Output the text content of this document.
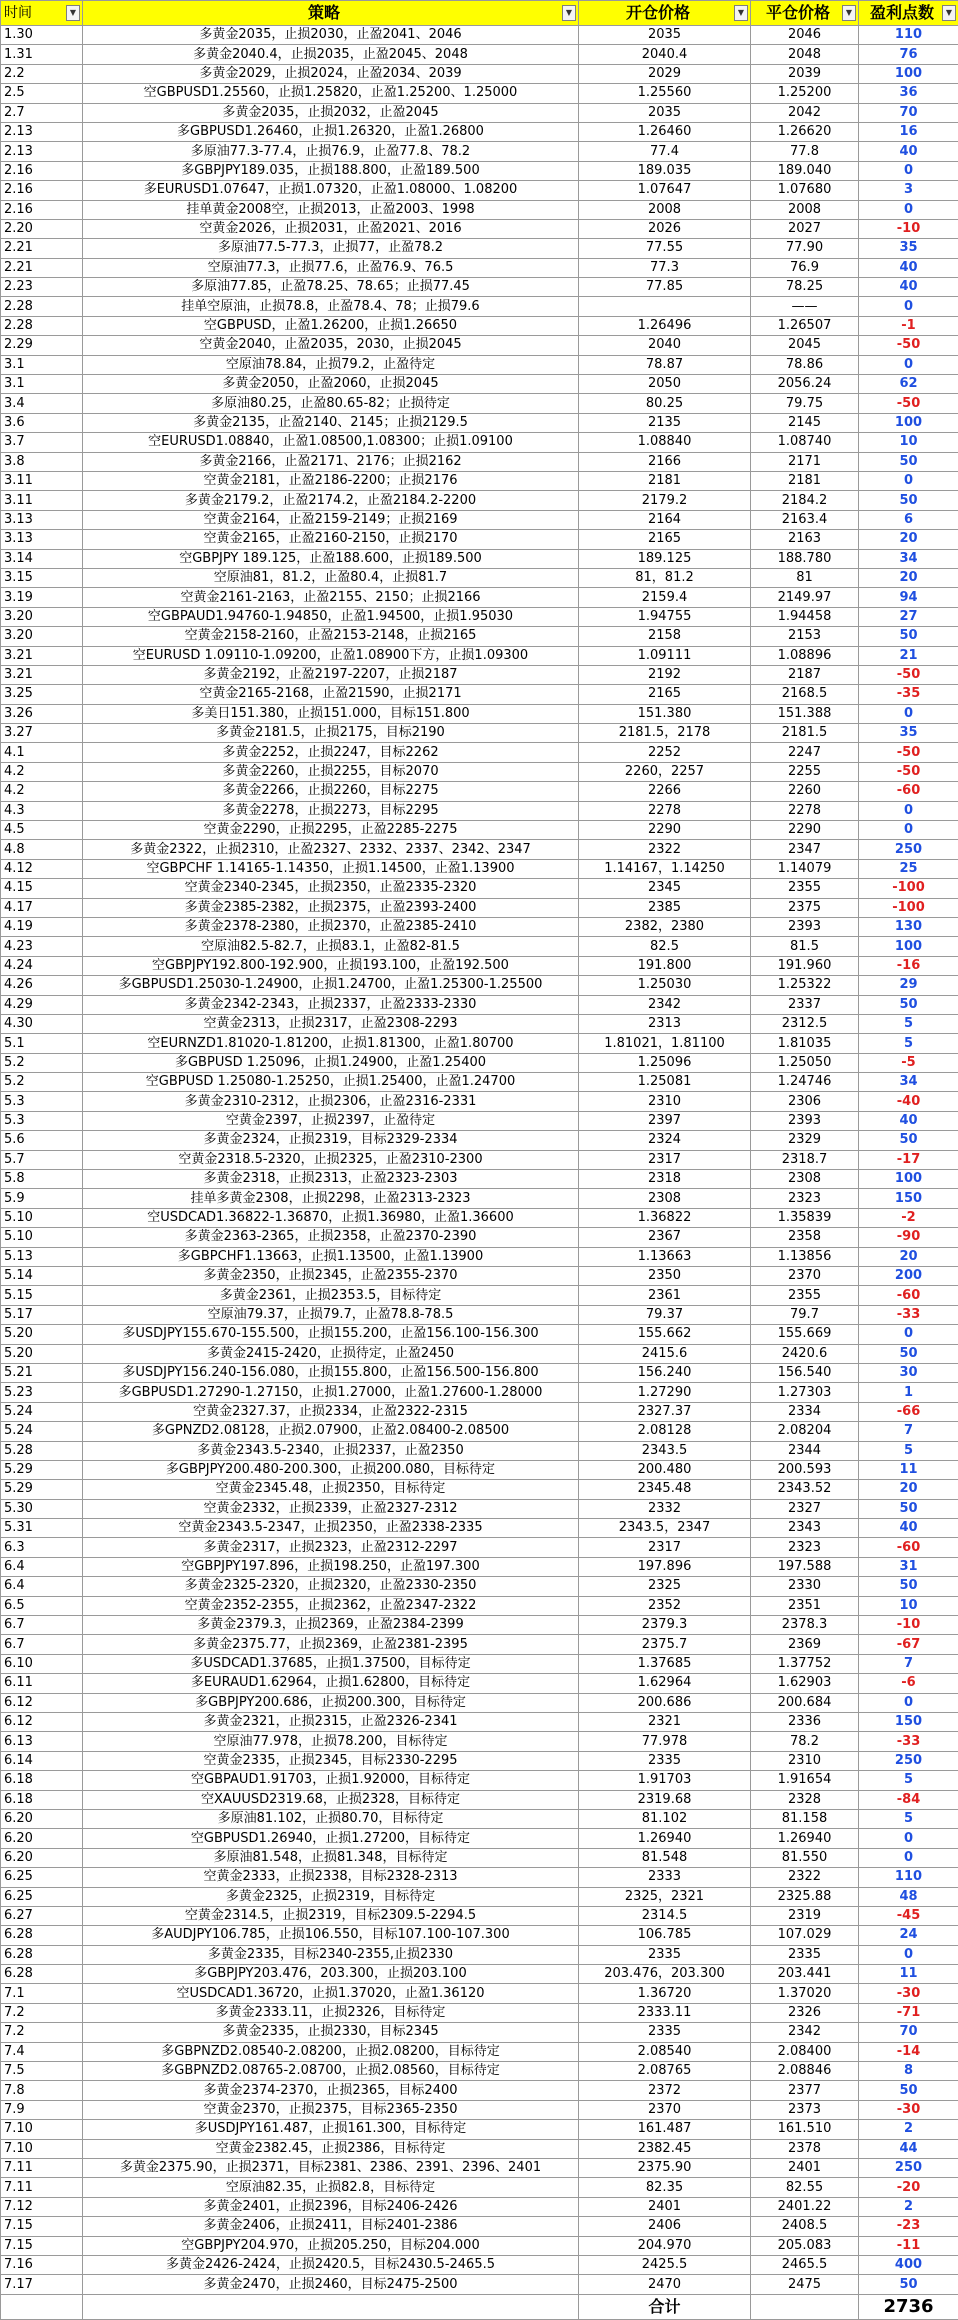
时间 ▼	策略 ▼	开仓价格 ▼	平仓价格 ▼	盈利点数 ▼

1.30	多黄金2035，止损2030，止盈2041、2046	2035	2046	110
1.31	多黄金2040.4，止损2035，止盈2045、2048	2040.4	2048	76
2.2	多黄金2029，止损2024，止盈2034、2039	2029	2039	100
2.5	空GBPUSD1.25560，止损1.25820，止盈1.25200、1.25000	1.25560	1.25200	36
2.7	多黄金2035，止损2032，止盈2045	2035	2042	70
2.13	多GBPUSD1.26460，止损1.26320，止盈1.26800	1.26460	1.26620	16
2.13	多原油77.3-77.4，止损76.9，止盈77.8、78.2	77.4	77.8	40
2.16	多GBPJPY189.035，止损188.800，止盈189.500	189.035	189.040	0
2.16	多EURUSD1.07647，止损1.07320，止盈1.08000、1.08200	1.07647	1.07680	3
2.16	挂单黄金2008空，止损2013，止盈2003、1998	2008	2008	0
2.20	空黄金2026，止损2031，止盈2021、2016	2026	2027	-10
2.21	多原油77.5-77.3，止损77，止盈78.2	77.55	77.90	35
2.21	空原油77.3，止损77.6，止盈76.9、76.5	77.3	76.9	40
2.23	多原油77.85，止盈78.25、78.65；止损77.45	77.85	78.25	40
2.28	挂单空原油，止损78.8，止盈78.4、78；止损79.6		——	0
2.28	空GBPUSD，止盈1.26200，止损1.26650	1.26496	1.26507	-1
2.29	空黄金2040，止盈2035，2030，止损2045	2040	2045	-50
3.1	空原油78.84，止损79.2，止盈待定	78.87	78.86	0
3.1	多黄金2050，止盈2060，止损2045	2050	2056.24	62
3.4	多原油80.25，止盈80.65-82；止损待定	80.25	79.75	-50
3.6	多黄金2135，止盈2140、2145；止损2129.5	2135	2145	100
3.7	空EURUSD1.08840，止盈1.08500,1.08300；止损1.09100	1.08840	1.08740	10
3.8	多黄金2166，止盈2171、2176；止损2162	2166	2171	50
3.11	空黄金2181，止盈2186-2200；止损2176	2181	2181	0
3.11	多黄金2179.2，止盈2174.2，止盈2184.2-2200	2179.2	2184.2	50
3.13	空黄金2164，止盈2159-2149；止损2169	2164	2163.4	6
3.13	空黄金2165，止盈2160-2150，止损2170	2165	2163	20
3.14	空GBPJPY 189.125，止盈188.600，止损189.500	189.125	188.780	34
3.15	空原油81，81.2，止盈80.4，止损81.7	81，81.2	81	20
3.19	空黄金2161-2163，止盈2155、2150；止损2166	2159.4	2149.97	94
3.20	空GBPAUD1.94760-1.94850，止盈1.94500，止损1.95030	1.94755	1.94458	27
3.20	空黄金2158-2160，止盈2153-2148，止损2165	2158	2153	50
3.21	空EURUSD 1.09110-1.09200，止盈1.08900下方，止损1.09300	1.09111	1.08896	21
3.21	多黄金2192，止盈2197-2207，止损2187	2192	2187	-50
3.25	空黄金2165-2168，止盈21590，止损2171	2165	2168.5	-35
3.26	多美日151.380，止损151.000，目标151.800	151.380	151.388	0
3.27	多黄金2181.5，止损2175，目标2190	2181.5，2178	2181.5	35
4.1	多黄金2252，止损2247，目标2262	2252	2247	-50
4.2	多黄金2260，止损2255，目标2070	2260，2257	2255	-50
4.2	多黄金2266，止损2260，目标2275	2266	2260	-60
4.3	多黄金2278，止损2273，目标2295	2278	2278	0
4.5	空黄金2290，止损2295，止盈2285-2275	2290	2290	0
4.8	多黄金2322，止损2310，止盈2327、2332、2337、2342、2347	2322	2347	250
4.12	空GBPCHF 1.14165-1.14350，止损1.14500，止盈1.13900	1.14167，1.14250	1.14079	25
4.15	空黄金2340-2345，止损2350，止盈2335-2320	2345	2355	-100
4.17	多黄金2385-2382，止损2375，止盈2393-2400	2385	2375	-100
4.19	多黄金2378-2380，止损2370，止盈2385-2410	2382，2380	2393	130
4.23	空原油82.5-82.7，止损83.1，止盈82-81.5	82.5	81.5	100
4.24	空GBPJPY192.800-192.900，止损193.100，止盈192.500	191.800	191.960	-16
4.26	多GBPUSD1.25030-1.24900，止损1.24700，止盈1.25300-1.25500	1.25030	1.25322	29
4.29	多黄金2342-2343，止损2337，止盈2333-2330	2342	2337	50
4.30	空黄金2313，止损2317，止盈2308-2293	2313	2312.5	5
5.1	空EURNZD1.81020-1.81200，止损1.81300，止盈1.80700	1.81021，1.81100	1.81035	5
5.2	多GBPUSD 1.25096，止损1.24900，止盈1.25400	1.25096	1.25050	-5
5.2	空GBPUSD 1.25080-1.25250，止损1.25400，止盈1.24700	1.25081	1.24746	34
5.3	多黄金2310-2312，止损2306，止盈2316-2331	2310	2306	-40
5.3	空黄金2397，止损2397，止盈待定	2397	2393	40
5.6	多黄金2324，止损2319，目标2329-2334	2324	2329	50
5.7	空黄金2318.5-2320，止损2325，止盈2310-2300	2317	2318.7	-17
5.8	多黄金2318，止损2313，止盈2323-2303	2318	2308	100
5.9	挂单多黄金2308，止损2298，止盈2313-2323	2308	2323	150
5.10	空USDCAD1.36822-1.36870，止损1.36980，止盈1.36600	1.36822	1.35839	-2
5.10	多黄金2363-2365，止损2358，止盈2370-2390	2367	2358	-90
5.13	多GBPCHF1.13663，止损1.13500，止盈1.13900	1.13663	1.13856	20
5.14	多黄金2350，止损2345，止盈2355-2370	2350	2370	200
5.15	多黄金2361，止损2353.5，目标待定	2361	2355	-60
5.17	空原油79.37，止损79.7，止盈78.8-78.5	79.37	79.7	-33
5.20	多USDJPY155.670-155.500，止损155.200，止盈156.100-156.300	155.662	155.669	0
5.20	多黄金2415-2420，止损待定，止盈2450	2415.6	2420.6	50
5.21	多USDJPY156.240-156.080，止损155.800，止盈156.500-156.800	156.240	156.540	30
5.23	多GBPUSD1.27290-1.27150，止损1.27000，止盈1.27600-1.28000	1.27290	1.27303	1
5.24	空黄金2327.37，止损2334，止盈2322-2315	2327.37	2334	-66
5.24	多GPNZD2.08128，止损2.07900，止盈2.08400-2.08500	2.08128	2.08204	7
5.28	多黄金2343.5-2340，止损2337，止盈2350	2343.5	2344	5
5.29	多GBPJPY200.480-200.300，止损200.080，目标待定	200.480	200.593	11
5.29	空黄金2345.48，止损2350，目标待定	2345.48	2343.52	20
5.30	空黄金2332，止损2339，止盈2327-2312	2332	2327	50
5.31	空黄金2343.5-2347，止损2350，止盈2338-2335	2343.5，2347	2343	40
6.3	多黄金2317，止损2323，止盈2312-2297	2317	2323	-60
6.4	空GBPJPY197.896，止损198.250，止盈197.300	197.896	197.588	31
6.4	多黄金2325-2320，止损2320，止盈2330-2350	2325	2330	50
6.5	空黄金2352-2355，止损2362，止盈2347-2322	2352	2351	10
6.7	多黄金2379.3，止损2369，止盈2384-2399	2379.3	2378.3	-10
6.7	多黄金2375.77，止损2369，止盈2381-2395	2375.7	2369	-67
6.10	多USDCAD1.37685，止损1.37500，目标待定	1.37685	1.37752	7
6.11	多EURAUD1.62964，止损1.62800，目标待定	1.62964	1.62903	-6
6.12	多GBPJPY200.686，止损200.300，目标待定	200.686	200.684	0
6.12	多黄金2321，止损2315，止盈2326-2341	2321	2336	150
6.13	空原油77.978，止损78.200，目标待定	77.978	78.2	-33
6.14	空黄金2335，止损2345，目标2330-2295	2335	2310	250
6.18	空GBPAUD1.91703，止损1.92000，目标待定	1.91703	1.91654	5
6.18	空XAUUSD2319.68，止损2328，目标待定	2319.68	2328	-84
6.20	多原油81.102，止损80.70，目标待定	81.102	81.158	5
6.20	空GBPUSD1.26940，止损1.27200，目标待定	1.26940	1.26940	0
6.20	多原油81.548，止损81.348，目标待定	81.548	81.550	0
6.25	空黄金2333，止损2338，目标2328-2313	2333	2322	110
6.25	多黄金2325，止损2319，目标待定	2325，2321	2325.88	48
6.27	空黄金2314.5，止损2319，目标2309.5-2294.5	2314.5	2319	-45
6.28	多AUDJPY106.785，止损106.550，目标107.100-107.300	106.785	107.029	24
6.28	多黄金2335，目标2340-2355,止损2330	2335	2335	0
6.28	多GBPJPY203.476，203.300，止损203.100	203.476，203.300	203.441	11
7.1	空USDCAD1.36720，止损1.37020，止盈1.36120	1.36720	1.37020	-30
7.2	多黄金2333.11，止损2326，目标待定	2333.11	2326	-71
7.2	多黄金2335，止损2330，目标2345	2335	2342	70
7.4	多GBPNZD2.08540-2.08200，止损2.08200，目标待定	2.08540	2.08400	-14
7.5	多GBPNZD2.08765-2.08700，止损2.08560，目标待定	2.08765	2.08846	8
7.8	多黄金2374-2370，止损2365，目标2400	2372	2377	50
7.9	空黄金2370，止损2375，目标2365-2350	2370	2373	-30
7.10	多USDJPY161.487，止损161.300，目标待定	161.487	161.510	2
7.10	空黄金2382.45，止损2386，目标待定	2382.45	2378	44
7.11	多黄金2375.90，止损2371，目标2381、2386、2391、2396、2401	2375.90	2401	250
7.11	空原油82.35，止损82.8，目标待定	82.35	82.55	-20
7.12	多黄金2401，止损2396，目标2406-2426	2401	2401.22	2
7.15	多黄金2406，止损2411，目标2401-2386	2406	2408.5	-23
7.15	空GBPJPY204.970，止损205.250，目标204.000	204.970	205.083	-11
7.16	多黄金2426-2424，止损2420.5，目标2430.5-2465.5	2425.5	2465.5	400
7.17	多黄金2470，止损2460，目标2475-2500	2470	2475	50
		合计		2736
